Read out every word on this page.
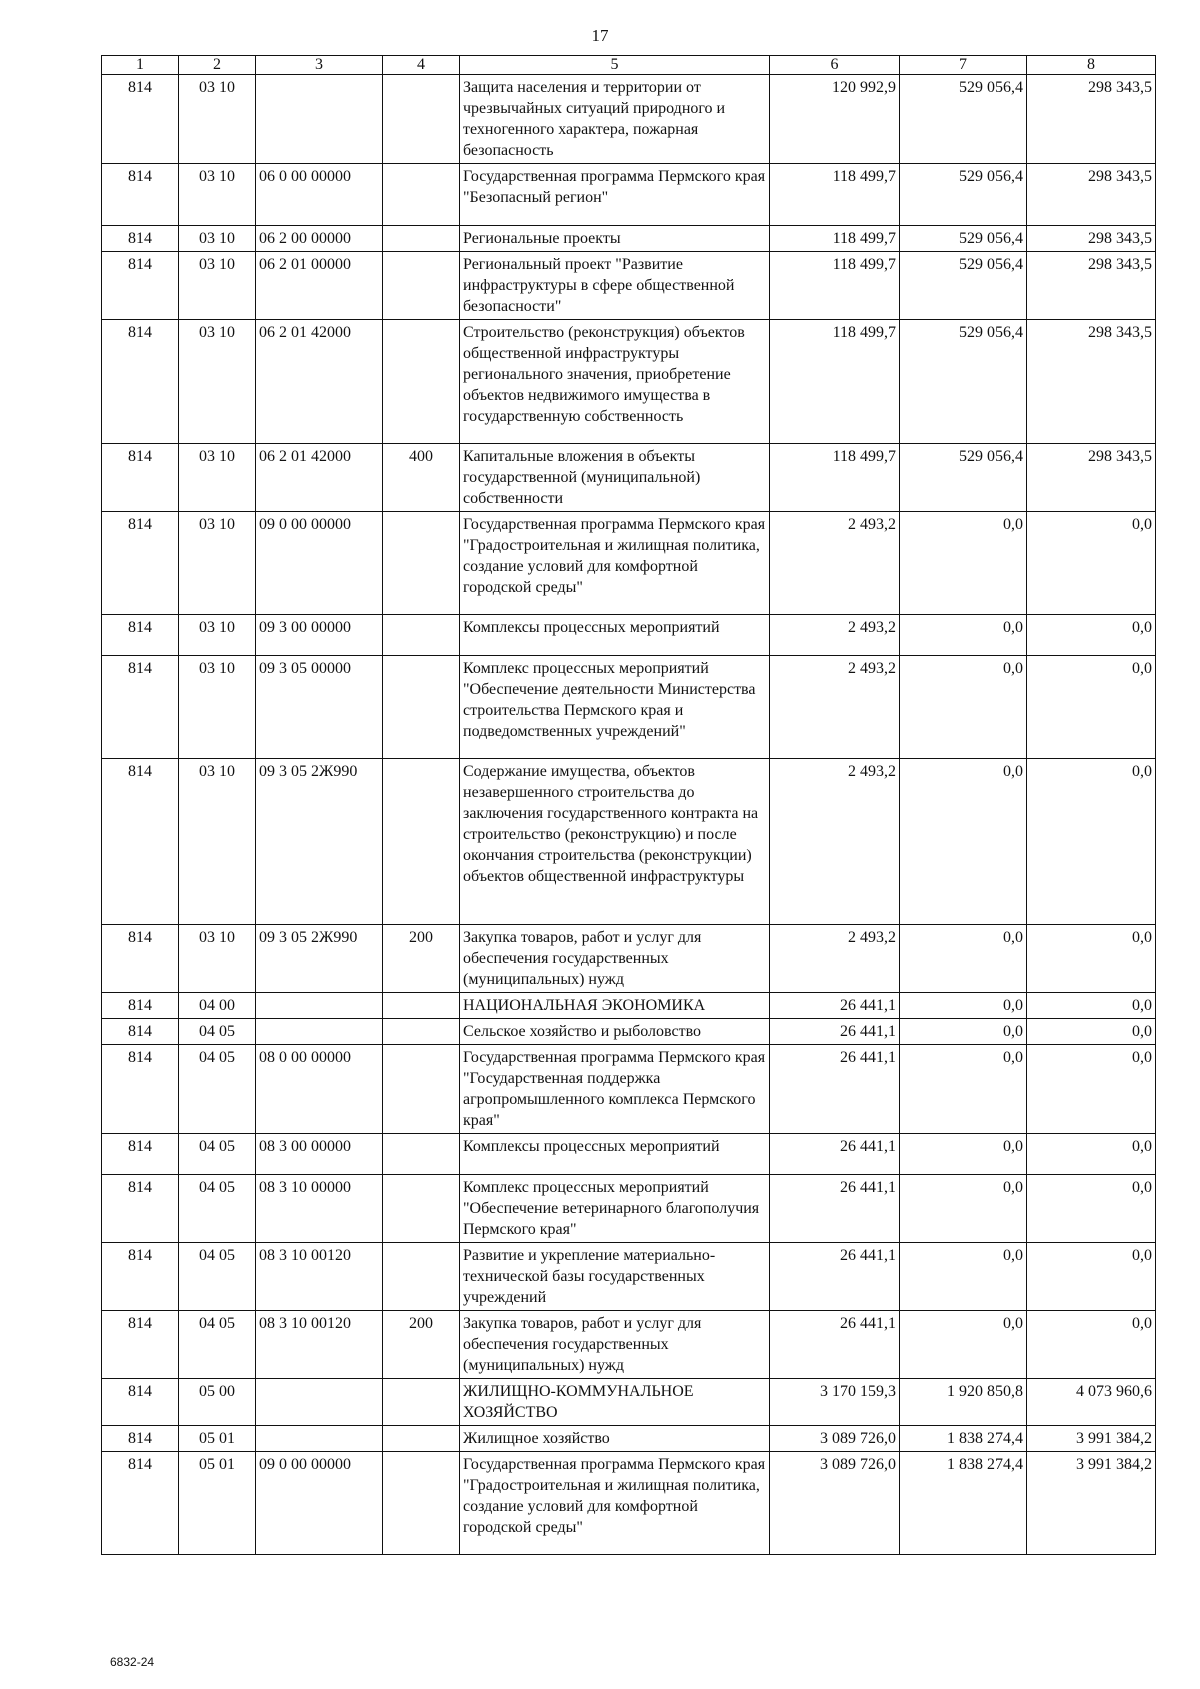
17
1	2	3	4	5	6	7	8
814	03 10			Защита населения и территории от чрезвычайных ситуаций природного и техногенного характера, пожарная безопасность	120 992,9	529 056,4	298 343,5
814	03 10	06 0 00 00000		Государственная программа Пермского края "Безопасный регион"	118 499,7	529 056,4	298 343,5
814	03 10	06 2 00 00000		Региональные проекты	118 499,7	529 056,4	298 343,5
814	03 10	06 2 01 00000		Региональный проект "Развитие инфраструктуры в сфере общественной безопасности"	118 499,7	529 056,4	298 343,5
814	03 10	06 2 01 42000		Строительство (реконструкция) объектов общественной инфраструктуры регионального значения, приобретение объектов недвижимого имущества в государственную собственность	118 499,7	529 056,4	298 343,5
814	03 10	06 2 01 42000	400	Капитальные вложения в объекты государственной (муниципальной) собственности	118 499,7	529 056,4	298 343,5
814	03 10	09 0 00 00000		Государственная программа Пермского края "Градостроительная и жилищная политика, создание условий для комфортной городской среды"	2 493,2	0,0	0,0
814	03 10	09 3 00 00000		Комплексы процессных мероприятий	2 493,2	0,0	0,0
814	03 10	09 3 05 00000		Комплекс процессных мероприятий "Обеспечение деятельности Министерства строительства Пермского края и подведомственных учреждений"	2 493,2	0,0	0,0
814	03 10	09 3 05 2Ж990		Содержание имущества, объектов незавершенного строительства до заключения государственного контракта на строительство (реконструкцию) и после окончания строительства (реконструкции) объектов общественной инфраструктуры	2 493,2	0,0	0,0
814	03 10	09 3 05 2Ж990	200	Закупка товаров, работ и услуг для обеспечения государственных (муниципальных) нужд	2 493,2	0,0	0,0
814	04 00			НАЦИОНАЛЬНАЯ ЭКОНОМИКА	26 441,1	0,0	0,0
814	04 05			Сельское хозяйство и рыболовство	26 441,1	0,0	0,0
814	04 05	08 0 00 00000		Государственная программа Пермского края "Государственная поддержка агропромышленного комплекса Пермского края"	26 441,1	0,0	0,0
814	04 05	08 3 00 00000		Комплексы процессных мероприятий	26 441,1	0,0	0,0
814	04 05	08 3 10 00000		Комплекс процессных мероприятий "Обеспечение ветеринарного благополучия Пермского края"	26 441,1	0,0	0,0
814	04 05	08 3 10 00120		Развитие и укрепление материально-технической базы государственных учреждений	26 441,1	0,0	0,0
814	04 05	08 3 10 00120	200	Закупка товаров, работ и услуг для обеспечения государственных (муниципальных) нужд	26 441,1	0,0	0,0
814	05 00			ЖИЛИЩНО-КОММУНАЛЬНОЕ ХОЗЯЙСТВО	3 170 159,3	1 920 850,8	4 073 960,6
814	05 01			Жилищное хозяйство	3 089 726,0	1 838 274,4	3 991 384,2
814	05 01	09 0 00 00000		Государственная программа Пермского края "Градостроительная и жилищная политика, создание условий для комфортной городской среды"	3 089 726,0	1 838 274,4	3 991 384,2
6832-24
